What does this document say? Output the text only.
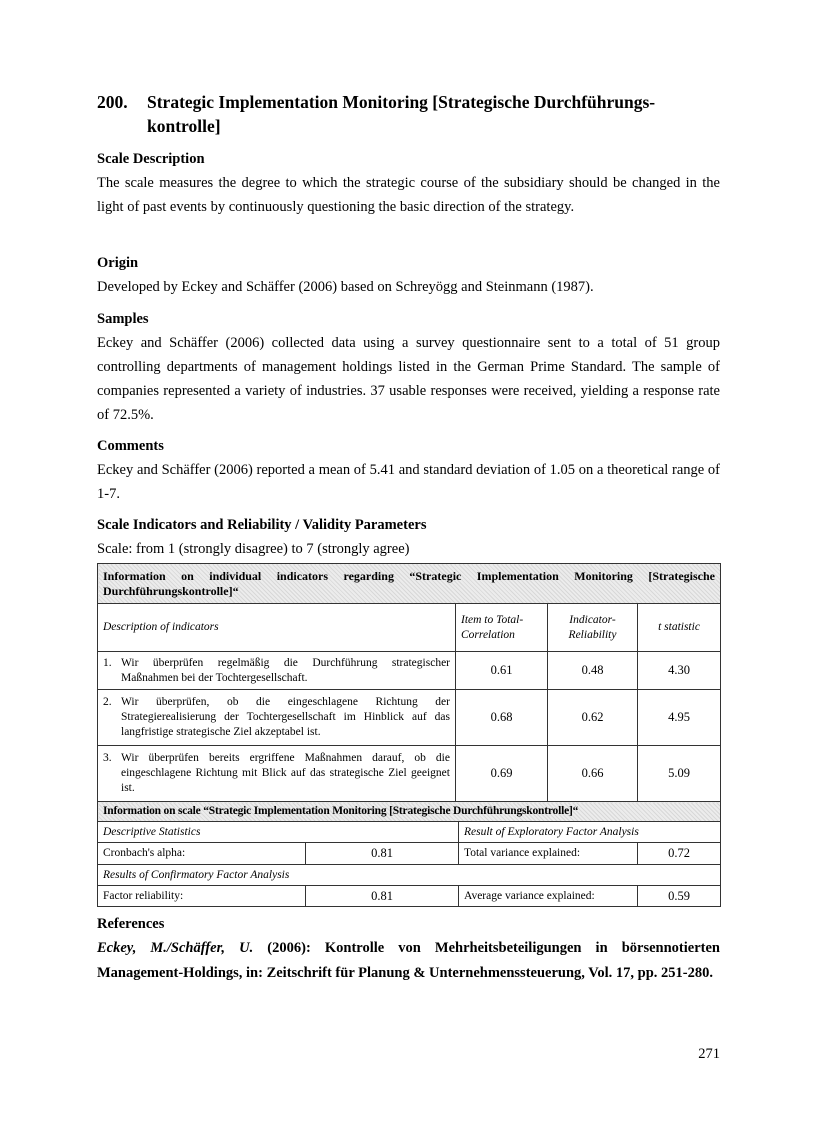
200.	Strategic Implementation Monitoring [Strategische Durchführungs-
kontrolle]
Scale Description

The scale measures the degree to which the strategic course of the subsidiary should be changed in the light of past events by continuously questioning the basic direction of the strategy.

Origin

Developed by Eckey and Schäffer (2006) based on Schreyögg and Steinmann (1987).

Samples

Eckey and Schäffer (2006) collected data using a survey questionnaire sent to a total of 51 group controlling departments of management holdings listed in the German Prime Standard. The sample of companies represented a variety of industries. 37 usable responses were received, yielding a response rate of 72.5%.

Comments

Eckey and Schäffer (2006) reported a mean of 5.41 and standard deviation of 1.05 on a theoretical range of 1-7.

Scale Indicators and Reliability / Validity Parameters

Scale: from 1 (strongly disagree) to 7 (strongly agree)

Information on individual indicators regarding “Strategic Implementation Monitoring [Strategische Durchführungskontrolle]“			
Description of indicators	Item to Total-Correlation	Indicator-Reliability	t statistic

1. Wir überprüfen regelmäßig die Durchführung strategischer Maßnahmen bei der Tochtergesellschaft.	0.61	0.48	4.30

2. Wir überprüfen, ob die eingeschlagene Richtung der Strategierealisierung der Tochtergesellschaft im Hinblick auf das langfristige strategische Ziel akzeptabel ist.	0.68	0.62	4.95

3. Wir überprüfen bereits ergriffene Maßnahmen darauf, ob die eingeschlagene Richtung mit Blick auf das strategische Ziel geeignet ist.	0.69	0.66	5.09
Information on scale “Strategic Implementation Monitoring [Strategische Durchführungskontrolle]“			
Descriptive Statistics		Result of Exploratory Factor Analysis	
Cronbach's alpha:	0.81	Total variance explained:	0.72
Results of Confirmatory Factor Analysis			
Factor reliability:	0.81	Average variance explained:	0.59
References
Eckey, M./Schäffer, U. (2006): Kontrolle von Mehrheitsbeteiligungen in börsennotierten Management-Holdings, in: Zeitschrift für Planung & Unternehmenssteuerung, Vol. 17, pp. 251-280.
271
